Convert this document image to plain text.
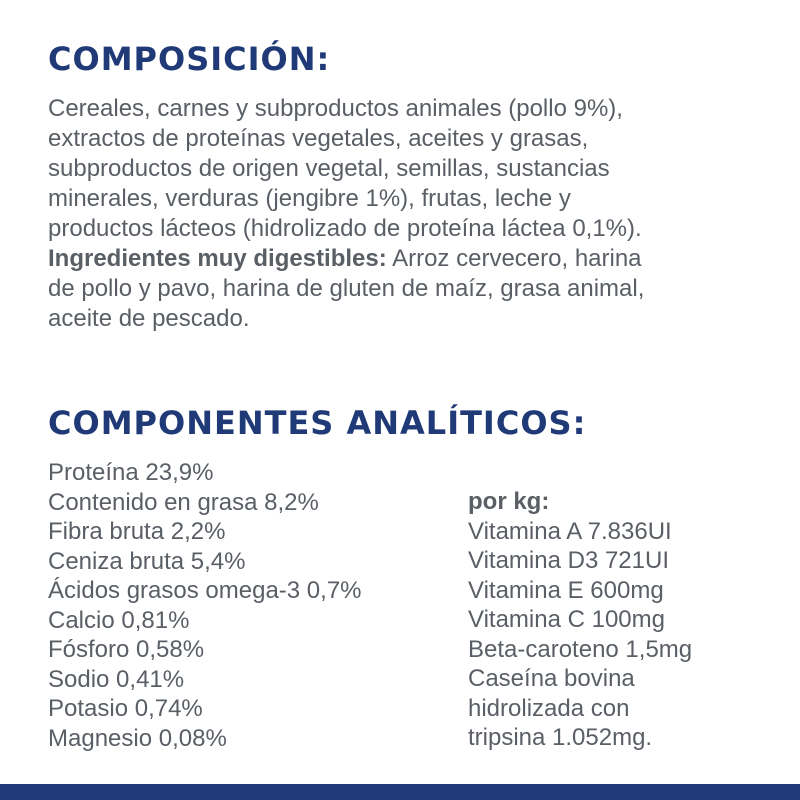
COMPOSICIÓN:

Cereales, carnes y subproductos animales (pollo 9%),
extractos de proteínas vegetales, aceites y grasas,
subproductos de origen vegetal, semillas, sustancias
minerales, verduras (jengibre 1%), frutas, leche y
productos lácteos (hidrolizado de proteína láctea 0,1%).
Ingredientes muy digestibles: Arroz cervecero, harina
de pollo y pavo, harina de gluten de maíz, grasa animal,
aceite de pescado.

COMPONENTES ANALÍTICOS:
Proteína 23,9%
Contenido en grasa 8,2%
Fibra bruta 2,2%
Ceniza bruta 5,4%
Ácidos grasos omega-3 0,7%
Calcio 0,81%
Fósforo 0,58%
Sodio 0,41%
Potasio 0,74%
Magnesio 0,08%
por kg:
Vitamina A 7.836UI
Vitamina D3 721UI
Vitamina E 600mg
Vitamina C 100mg
Beta-caroteno 1,5mg
Caseína bovina
hidrolizada con
tripsina 1.052mg.
